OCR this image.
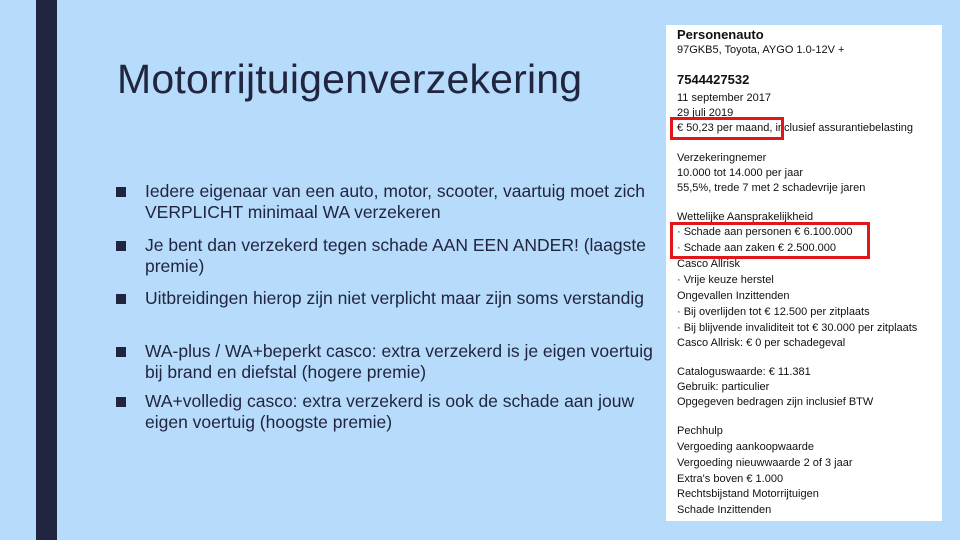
Motorrijtuigenverzekering
Iedere eigenaar van een auto, motor, scooter, vaartuig moet zich VERPLICHT minimaal WA verzekeren
Je bent dan verzekerd tegen schade AAN EEN ANDER! (laagste premie)
Uitbreidingen hierop zijn niet verplicht maar zijn soms verstandig
WA-plus / WA+beperkt casco: extra verzekerd is je eigen voertuig bij brand en diefstal (hogere premie)
WA+volledig casco: extra verzekerd is ook de schade aan jouw eigen voertuig (hoogste premie)
Personenauto
97GKB5, Toyota, AYGO 1.0-12V +
7544427532
11 september 2017
29 juli 2019
€ 50,23 per maand, inclusief assurantiebelasting
Verzekeringnemer
10.000 tot 14.000 per jaar
55,5%, trede 7 met 2 schadevrije jaren
Wettelijke Aansprakelijkheid
· Schade aan personen € 6.100.000
· Schade aan zaken € 2.500.000
Casco Allrisk
· Vrije keuze herstel
Ongevallen Inzittenden
· Bij overlijden tot € 12.500 per zitplaats
· Bij blijvende invaliditeit tot € 30.000 per zitplaats
Casco Allrisk: € 0 per schadegeval
Cataloguswaarde: € 11.381
Gebruik: particulier
Opgegeven bedragen zijn inclusief BTW
Pechhulp
Vergoeding aankoopwaarde
Vergoeding nieuwwaarde 2 of 3 jaar
Extra's boven € 1.000
Rechtsbijstand Motorrijtuigen
Schade Inzittenden
